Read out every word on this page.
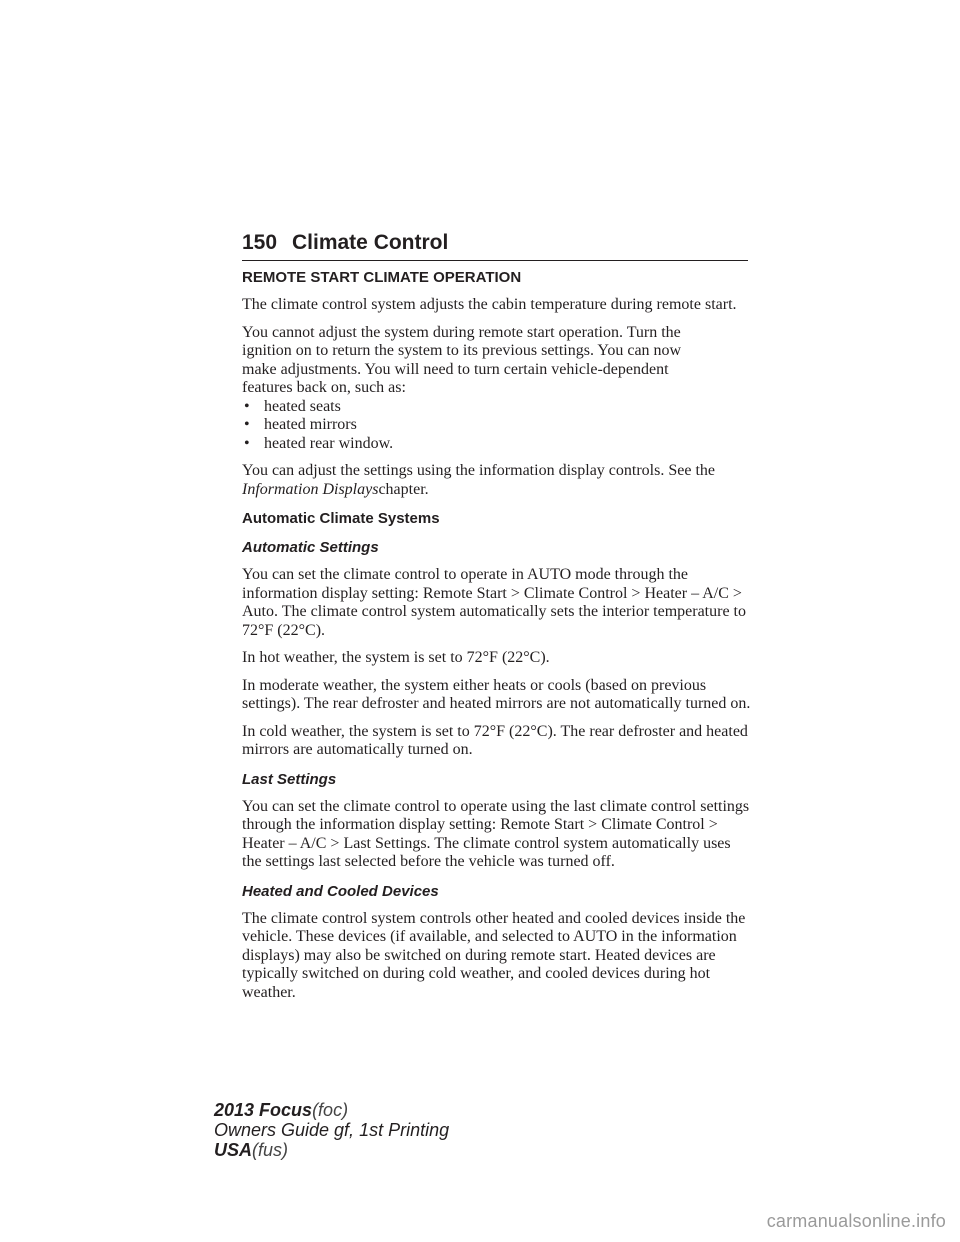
150 Climate Control
REMOTE START CLIMATE OPERATION

The climate control system adjusts the cabin temperature during remote start.

You cannot adjust the system during remote start operation. Turn the
ignition on to return the system to its previous settings. You can now
make adjustments. You will need to turn certain vehicle-dependent
features back on, such as:

• heated seats
• heated mirrors
• heated rear window.

You can adjust the settings using the information display controls. See the Information Displayschapter.

Automatic Climate Systems
Automatic Settings

You can set the climate control to operate in AUTO mode through the information display setting: Remote Start > Climate Control > Heater – A/C > Auto. The climate control system automatically sets the interior temperature to 72°F (22°C).

In hot weather, the system is set to 72°F (22°C).

In moderate weather, the system either heats or cools (based on previous settings). The rear defroster and heated mirrors are not automatically turned on.

In cold weather, the system is set to 72°F (22°C). The rear defroster and heated mirrors are automatically turned on.

Last Settings

You can set the climate control to operate using the last climate control settings through the information display setting: Remote Start > Climate Control > Heater – A/C > Last Settings. The climate control system automatically uses the settings last selected before the vehicle was turned off.

Heated and Cooled Devices

The climate control system controls other heated and cooled devices inside the vehicle. These devices (if available, and selected to AUTO in the information displays) may also be switched on during remote start. Heated devices are typically switched on during cold weather, and cooled devices during hot weather.

2013 Focus(foc)
Owners Guide gf, 1st Printing
USA(fus)
carmanualsonline.info
